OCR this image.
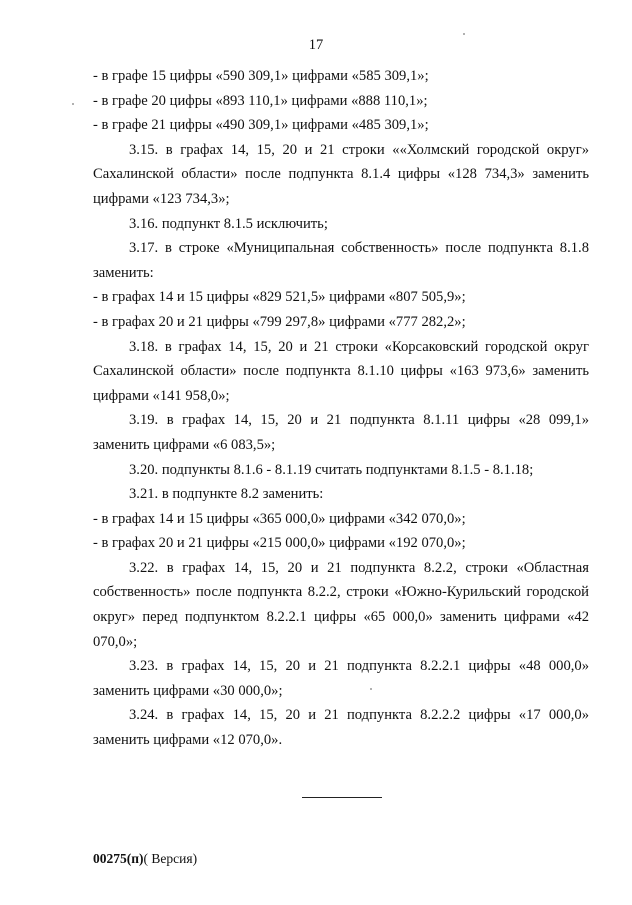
17

- в графе 15 цифры «590 309,1» цифрами «585 309,1»;

- в графе 20 цифры «893 110,1» цифрами «888 110,1»;

- в графе 21 цифры «490 309,1» цифрами «485 309,1»;

3.15. в графах 14, 15, 20 и 21 строки ««Холмский городской округ» Сахалинской области» после подпункта 8.1.4 цифры «128 734,3» заменить цифрами «123 734,3»;

3.16. подпункт 8.1.5 исключить;

3.17. в строке «Муниципальная собственность» после подпункта 8.1.8 заменить:

- в графах 14 и 15 цифры «829 521,5» цифрами «807 505,9»;

- в графах 20 и 21 цифры «799 297,8» цифрами «777 282,2»;

3.18. в графах 14, 15, 20 и 21 строки «Корсаковский городской округ Сахалинской области» после подпункта 8.1.10 цифры «163 973,6» заменить цифрами «141 958,0»;

3.19. в графах 14, 15, 20 и 21 подпункта 8.1.11 цифры «28 099,1» заменить цифрами «6 083,5»;

3.20. подпункты 8.1.6 - 8.1.19 считать подпунктами 8.1.5 - 8.1.18;

3.21. в подпункте 8.2 заменить:

- в графах 14 и 15 цифры «365 000,0» цифрами «342 070,0»;

- в графах 20 и 21 цифры «215 000,0» цифрами «192 070,0»;

3.22. в графах 14, 15, 20 и 21 подпункта 8.2.2, строки «Областная собственность» после подпункта 8.2.2, строки «Южно-Курильский городской округ» перед подпунктом 8.2.2.1 цифры «65 000,0» заменить цифрами «42 070,0»;

3.23. в графах 14, 15, 20 и 21 подпункта 8.2.2.1 цифры «48 000,0» заменить цифрами «30 000,0»;

3.24. в графах 14, 15, 20 и 21 подпункта 8.2.2.2 цифры «17 000,0» заменить цифрами «12 070,0».

00275(п)( Версия)
